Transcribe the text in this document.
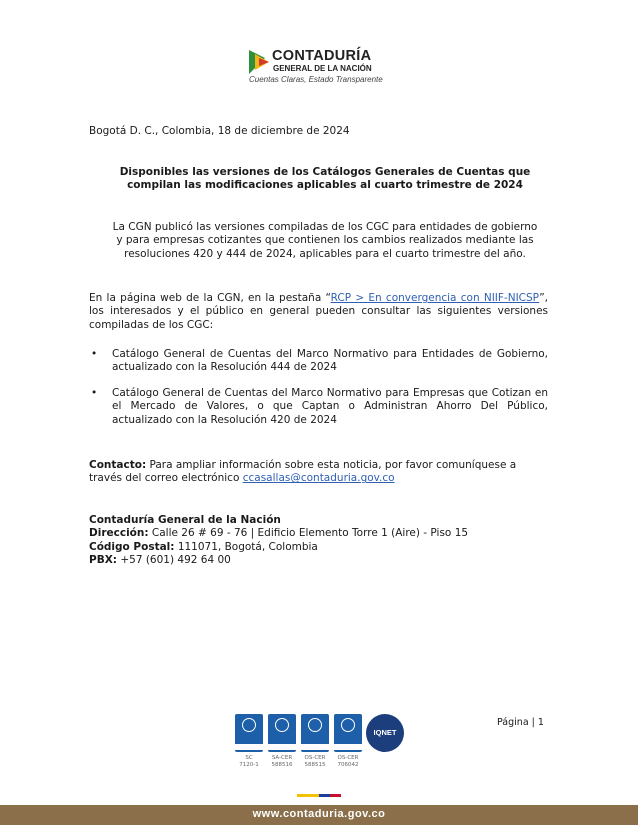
CONTADURÍA
GENERAL DE LA NACIÓN
Cuentas Claras, Estado Transparente
Bogotá D. C., Colombia, 18 de diciembre de 2024
Disponibles las versiones de los Catálogos Generales de Cuentas que compilan las modificaciones aplicables al cuarto trimestre de 2024
La CGN publicó las versiones compiladas de los CGC para entidades de gobierno y para empresas cotizantes que contienen los cambios realizados mediante las resoluciones 420 y 444 de 2024, aplicables para el cuarto trimestre del año.
En la página web de la CGN, en la pestaña “RCP > En convergencia con NIIF-NICSP”, los interesados y el público en general pueden consultar las siguientes versiones compiladas de los CGC:
• Catálogo General de Cuentas del Marco Normativo para Entidades de Gobierno, actualizado con la Resolución 444 de 2024
• Catálogo General de Cuentas del Marco Normativo para Empresas que Cotizan en el Mercado de Valores, o que Captan o Administran Ahorro Del Público, actualizado con la Resolución 420 de 2024
Contacto: Para ampliar información sobre esta noticia, por favor comuníquese a través del correo electrónico ccasallas@contaduria.gov.co
Contaduría General de la Nación
Dirección: Calle 26 # 69 - 76 | Edificio Elemento Torre 1 (Aire) - Piso 15
Código Postal: 111071, Bogotá, Colombia
PBX: +57 (601) 492 64 00
Página | 1
SC
7120-1
SA-CER
588516
OS-CER
588515
OS-CER
706042
IQNET
www.contaduria.gov.co
